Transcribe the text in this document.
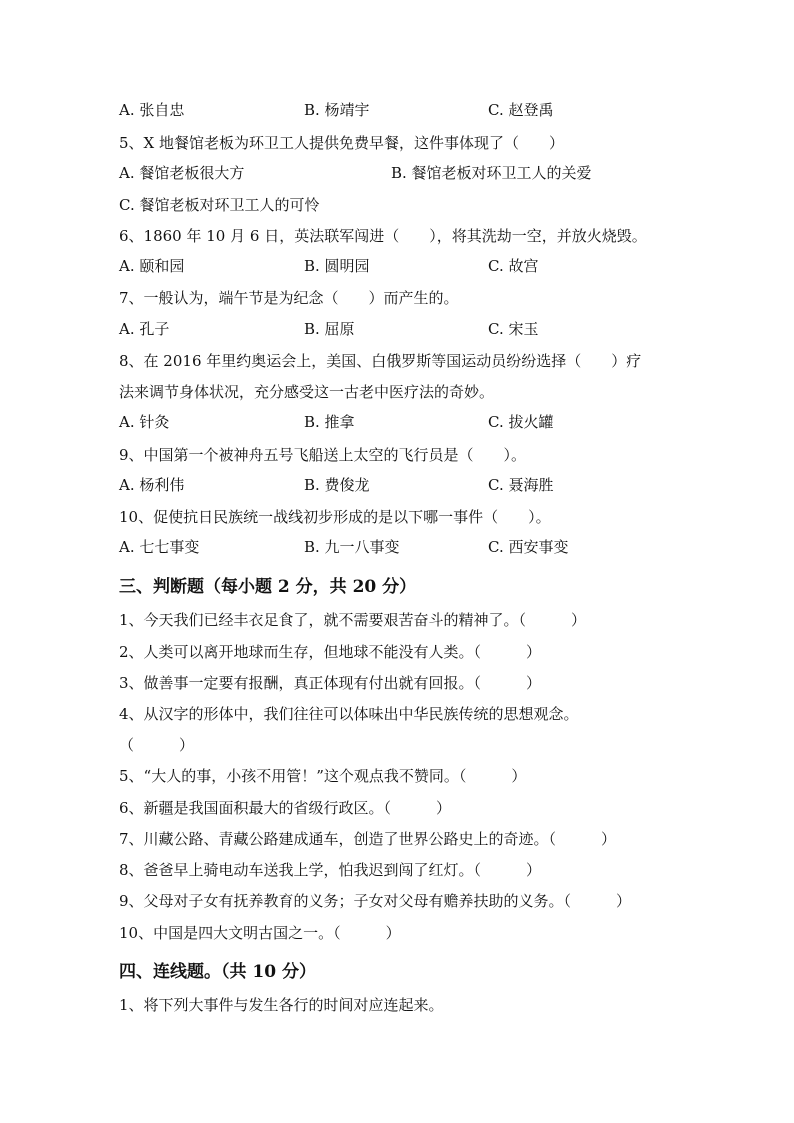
A. 张自忠	B. 杨靖宇	C. 赵登禹
5、X 地餐馆老板为环卫工人提供免费早餐，这件事体现了（　　）
A. 餐馆老板很大方	B. 餐馆老板对环卫工人的关爱
C. 餐馆老板对环卫工人的可怜
6、1860 年 10 月 6 日，英法联军闯进（　　），将其洗劫一空，并放火烧毁。
A. 颐和园	B. 圆明园	C. 故宫
7、一般认为，端午节是为纪念（　　）而产生的。
A. 孔子	B. 屈原	C. 宋玉
8、在 2016 年里约奥运会上，美国、白俄罗斯等国运动员纷纷选择（　　）疗
法来调节身体状况，充分感受这一古老中医疗法的奇妙。
A. 针灸	B. 推拿	C. 拔火罐
9、中国第一个被神舟五号飞船送上太空的飞行员是（　　）。
A. 杨利伟	B. 费俊龙	C. 聂海胜
10、促使抗日民族统一战线初步形成的是以下哪一事件（　　）。
A. 七七事变	B. 九一八事变	C. 西安事变
三、判断题（每小题 2 分，共 20 分）
1、今天我们已经丰衣足食了，就不需要艰苦奋斗的精神了。（　　　）
2、人类可以离开地球而生存，但地球不能没有人类。（　　　）
3、做善事一定要有报酬，真正体现有付出就有回报。（　　　）
4、从汉字的形体中，我们往往可以体味出中华民族传统的思想观念。
（　　　）
5、“大人的事，小孩不用管！”这个观点我不赞同。（　　　）
6、新疆是我国面积最大的省级行政区。（　　　）
7、川藏公路、青藏公路建成通车，创造了世界公路史上的奇迹。（　　　）
8、爸爸早上骑电动车送我上学，怕我迟到闯了红灯。（　　　）
9、父母对子女有抚养教育的义务；子女对父母有赡养扶助的义务。（　　　）
10、中国是四大文明古国之一。（　　　）
四、连线题。（共 10 分）
1、将下列大事件与发生各行的时间对应连起来。
